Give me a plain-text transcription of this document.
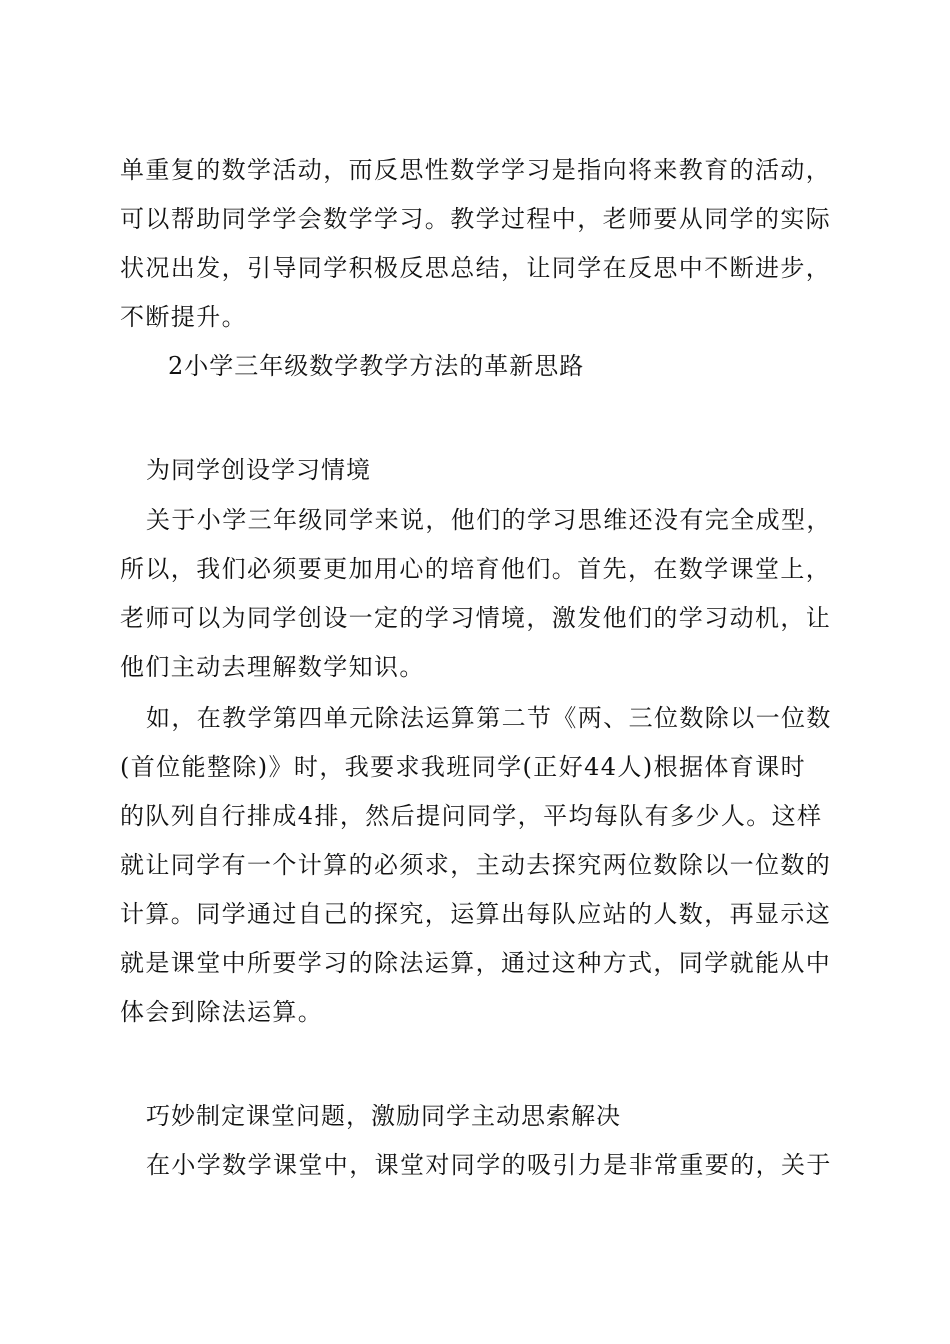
单重复的数学活动，而反思性数学学习是指向将来教育的活动，
可以帮助同学学会数学学习。教学过程中，老师要从同学的实际
状况出发，引导同学积极反思总结，让同学在反思中不断进步，
不断提升。
2小学三年级数学教学方法的革新思路
为同学创设学习情境
关于小学三年级同学来说，他们的学习思维还没有完全成型，
所以，我们必须要更加用心的培育他们。首先，在数学课堂上，
老师可以为同学创设一定的学习情境，激发他们的学习动机，让
他们主动去理解数学知识。
如，在教学第四单元除法运算第二节《两、三位数除以一位数
(首位能整除)》时，我要求我班同学(正好44人)根据体育课时
的队列自行排成4排，然后提问同学，平均每队有多少人。这样
就让同学有一个计算的必须求，主动去探究两位数除以一位数的
计算。同学通过自己的探究，运算出每队应站的人数，再显示这
就是课堂中所要学习的除法运算，通过这种方式，同学就能从中
体会到除法运算。
巧妙制定课堂问题，激励同学主动思索解决
在小学数学课堂中，课堂对同学的吸引力是非常重要的，关于
